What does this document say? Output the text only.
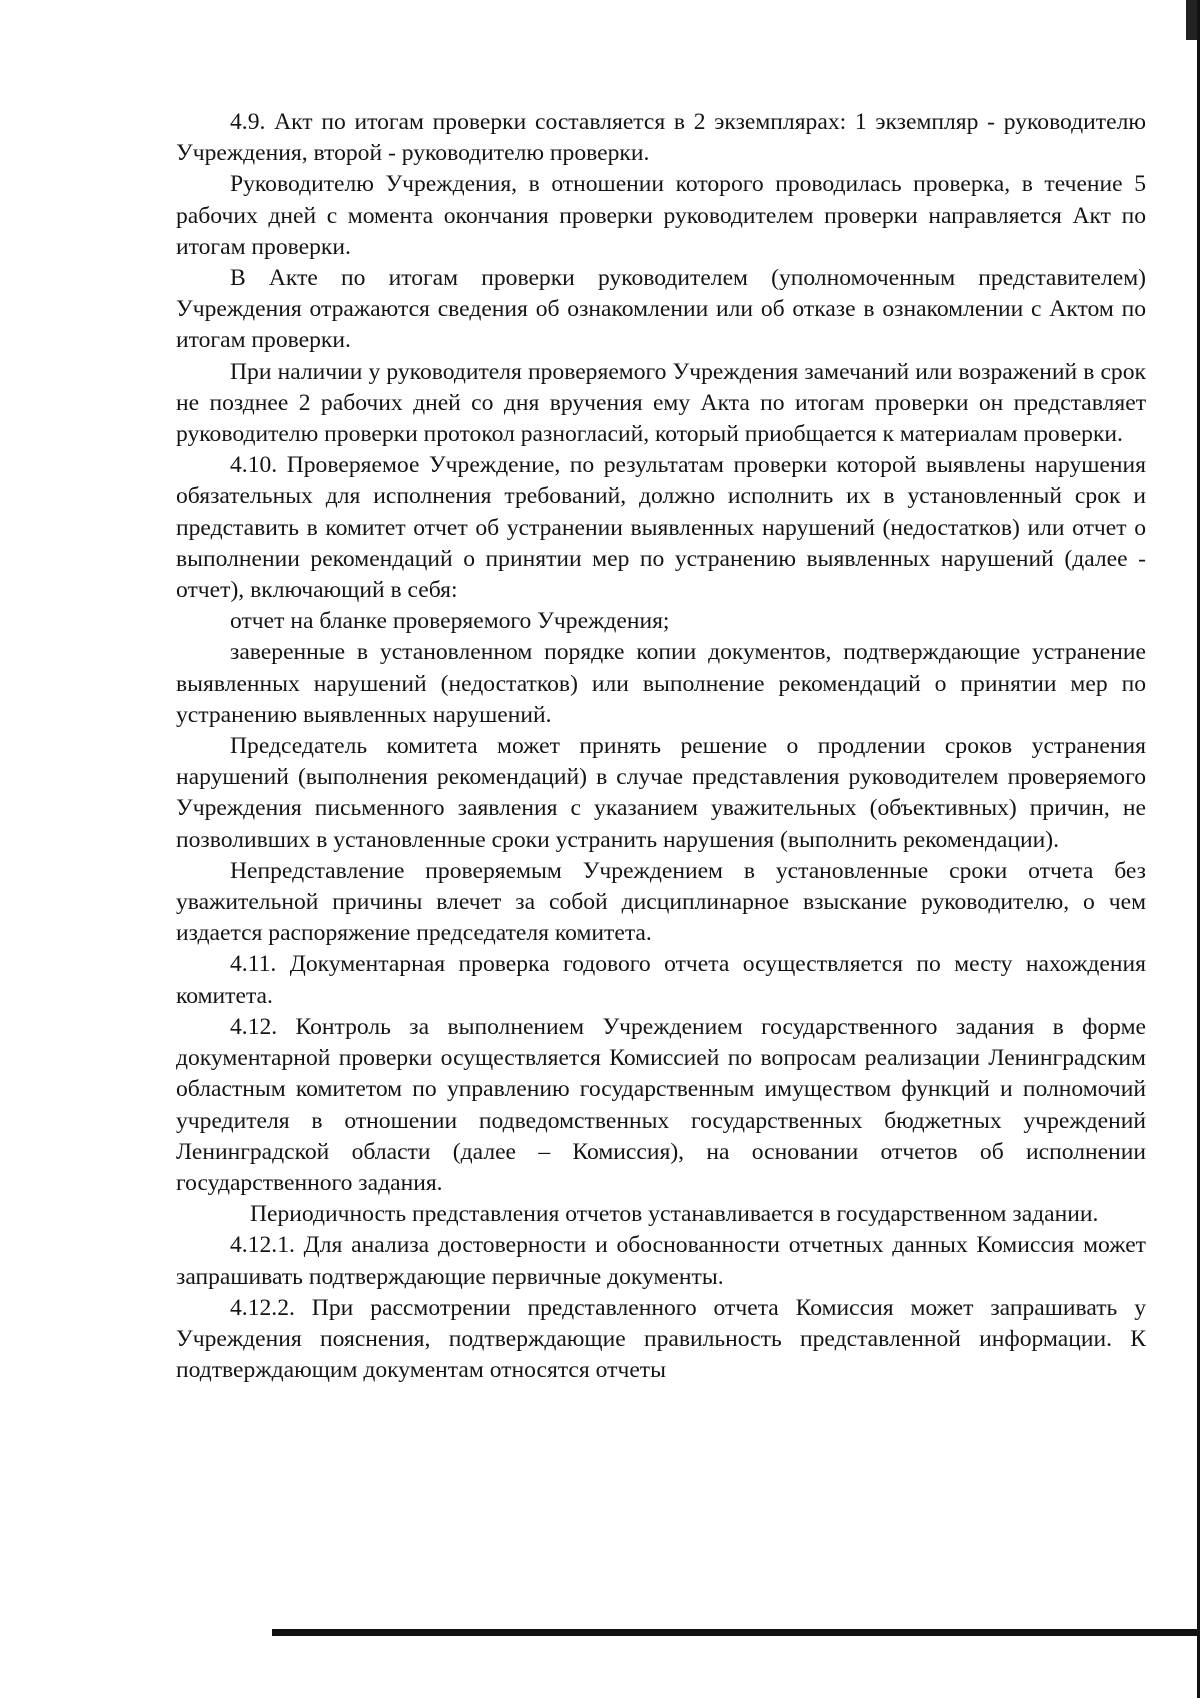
4.9. Акт по итогам проверки составляется в 2 экземплярах: 1 экземпляр - руководителю Учреждения, второй - руководителю проверки.

Руководителю Учреждения, в отношении которого проводилась проверка, в течение 5 рабочих дней с момента окончания проверки руководителем проверки направляется Акт по итогам проверки.

В Акте по итогам проверки руководителем (уполномоченным представителем) Учреждения отражаются сведения об ознакомлении или об отказе в ознакомлении с Актом по итогам проверки.

При наличии у руководителя проверяемого Учреждения замечаний или возражений в срок не позднее 2 рабочих дней со дня вручения ему Акта по итогам проверки он представляет руководителю проверки протокол разногласий, который приобщается к материалам проверки.

4.10. Проверяемое Учреждение, по результатам проверки которой выявлены нарушения обязательных для исполнения требований, должно исполнить их в установленный срок и представить в комитет отчет об устранении выявленных нарушений (недостатков) или отчет о выполнении рекомендаций о принятии мер по устранению выявленных нарушений (далее - отчет), включающий в себя:

отчет на бланке проверяемого Учреждения;

заверенные в установленном порядке копии документов, подтверждающие устранение выявленных нарушений (недостатков) или выполнение рекомендаций о принятии мер по устранению выявленных нарушений.

Председатель комитета может принять решение о продлении сроков устранения нарушений (выполнения рекомендаций) в случае представления руководителем проверяемого Учреждения письменного заявления с указанием уважительных (объективных) причин, не позволивших в установленные сроки устранить нарушения (выполнить рекомендации).

Непредставление проверяемым Учреждением в установленные сроки отчета без уважительной причины влечет за собой дисциплинарное взыскание руководителю, о чем издается распоряжение председателя комитета.

4.11. Документарная проверка годового отчета осуществляется по месту нахождения комитета.

4.12. Контроль за выполнением Учреждением государственного задания в форме документарной проверки осуществляется Комиссией по вопросам реализации Ленинградским областным комитетом по управлению государственным имуществом функций и полномочий учредителя в отношении подведомственных государственных бюджетных учреждений Ленинградской области (далее – Комиссия), на основании отчетов об исполнении государственного задания.

Периодичность представления отчетов устанавливается в государственном задании.

4.12.1. Для анализа достоверности и обоснованности отчетных данных Комиссия может запрашивать подтверждающие первичные документы.

4.12.2. При рассмотрении представленного отчета Комиссия может запрашивать у Учреждения пояснения, подтверждающие правильность представленной информации. К подтверждающим документам относятся отчеты
